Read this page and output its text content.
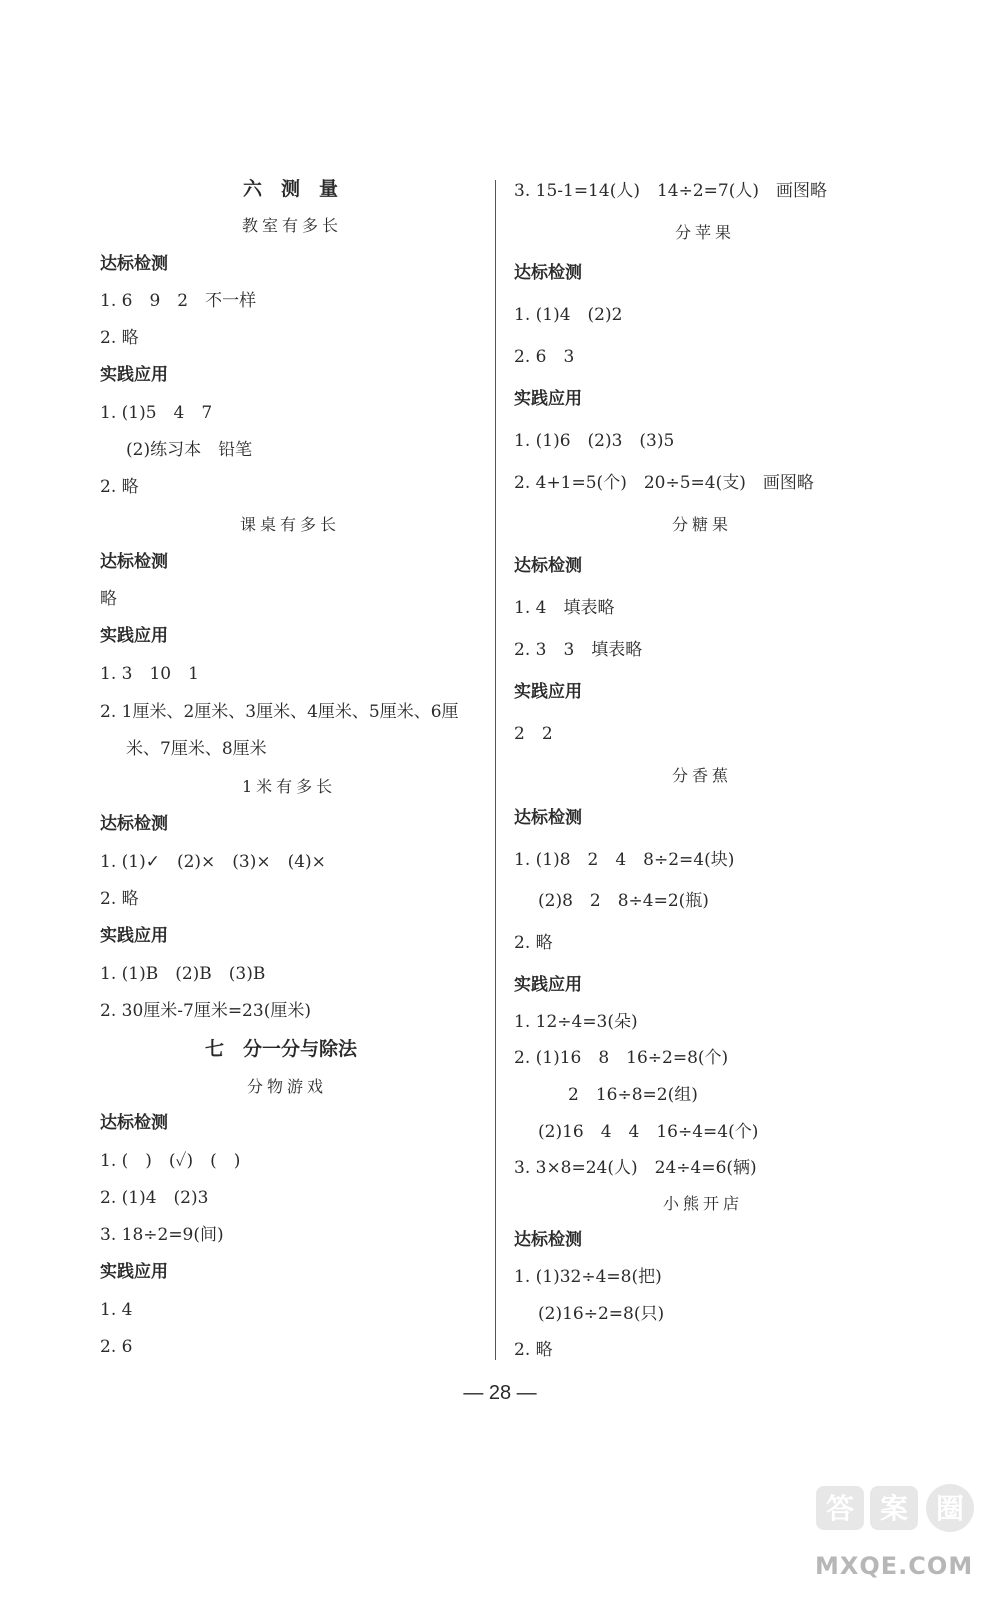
六　测　量
教室有多长
达标检测
1. 6　9　2　不一样
2. 略
实践应用
1. (1)5　4　7
(2)练习本　铅笔
2. 略
课桌有多长
达标检测
略
实践应用
1. 3　10　1
2. 1厘米、2厘米、3厘米、4厘米、5厘米、6厘
米、7厘米、8厘米
1米有多长
达标检测
1. (1)✓　(2)×　(3)×　(4)×
2. 略
实践应用
1. (1)B　(2)B　(3)B
2. 30厘米-7厘米=23(厘米)
七　分一分与除法
分物游戏
达标检测
1. (　)　(✓)　(　)
2. (1)4　(2)3
3. 18÷2=9(间)
实践应用
1. 4
2. 6
3. 15-1=14(人)　14÷2=7(人)　画图略
分苹果
达标检测
1. (1)4　(2)2
2. 6　3
实践应用
1. (1)6　(2)3　(3)5
2. 4+1=5(个)　20÷5=4(支)　画图略
分糖果
达标检测
1. 4　填表略
2. 3　3　填表略
实践应用
2　2
分香蕉
达标检测
1. (1)8　2　4　8÷2=4(块)
(2)8　2　8÷4=2(瓶)
2. 略
实践应用
1. 12÷4=3(朵)
2. (1)16　8　16÷2=8(个)
2　16÷8=2(组)
(2)16　4　4　16÷4=4(个)
3. 3×8=24(人)　24÷4=6(辆)
小熊开店
达标检测
1. (1)32÷4=8(把)
(2)16÷2=8(只)
2. 略
— 28 —
答 案 圈
MXQE.COM
